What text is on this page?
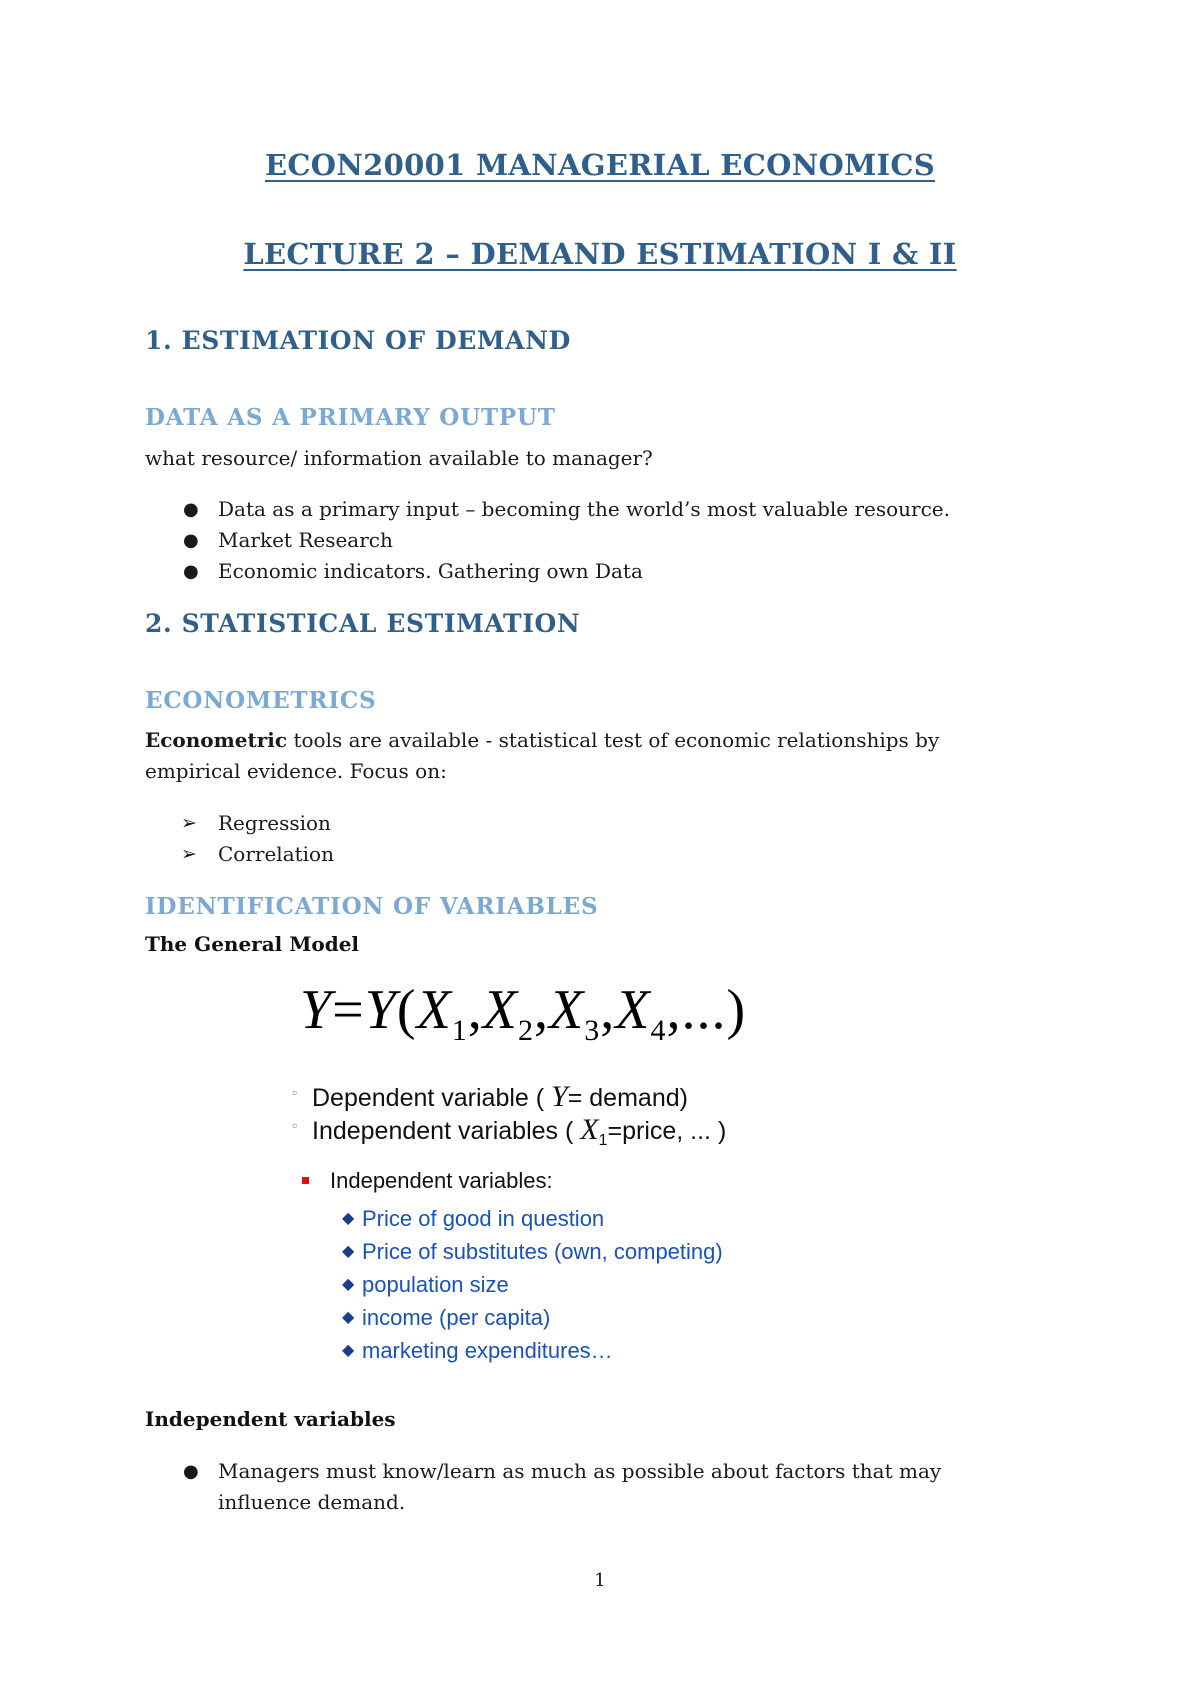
ECON20001 MANAGERIAL ECONOMICS
LECTURE 2 – DEMAND ESTIMATION I & II
1. ESTIMATION OF DEMAND
DATA AS A PRIMARY OUTPUT
what resource/ information available to manager?
● Data as a primary input – becoming the world’s most valuable resource.
● Market Research
● Economic indicators. Gathering own Data
2. STATISTICAL ESTIMATION
ECONOMETRICS
Econometric tools are available - statistical test of economic relationships by
empirical evidence. Focus on:
➢ Regression
➢ Correlation
IDENTIFICATION OF VARIABLES
The General Model
$Y=Y(X_1,X_2,X_3,X_4,...)$
▫ Dependent variable ( Y= demand)
▫ Independent variables ( $X_1=price$, ... )
Independent variables:
◆ Price of good in question
◆ Price of substitutes (own, competing)
◆ population size
◆ income (per capita)
◆ marketing expenditures…
Independent variables
● Managers must know/learn as much as possible about factors that may
influence demand.
1
